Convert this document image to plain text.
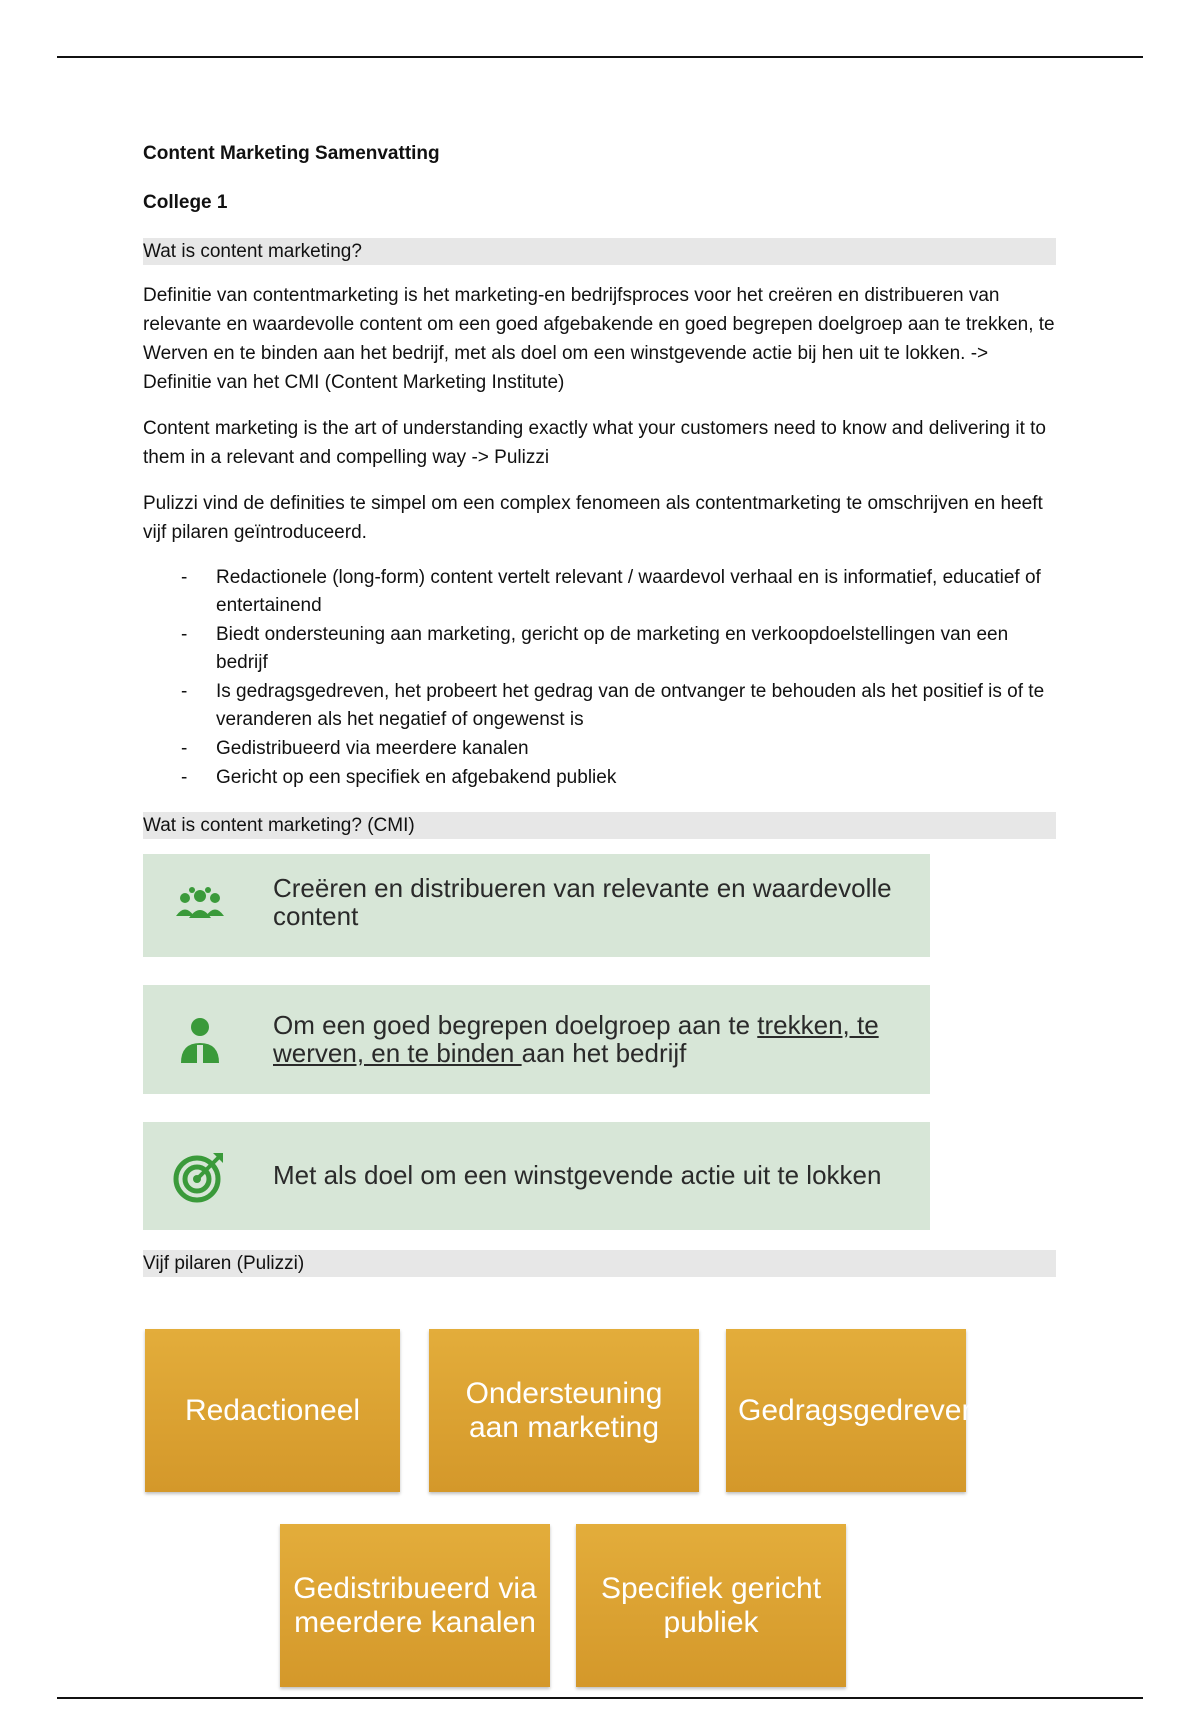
Content Marketing Samenvatting
College 1
Wat is content marketing?

Definitie van contentmarketing is het marketing-en bedrijfsproces voor het creëren en distribueren van relevante en waardevolle content om een goed afgebakende en goed begrepen doelgroep aan te trekken, te Werven en te binden aan het bedrijf, met als doel om een winstgevende actie bij hen uit te lokken. -> Definitie van het CMI (Content Marketing Institute)

Content marketing is the art of understanding exactly what your customers need to know and delivering it to them in a relevant and compelling way -> Pulizzi

Pulizzi vind de definities te simpel om een complex fenomeen als contentmarketing te omschrijven en heeft vijf pilaren geïntroduceerd.

- Redactionele (long-form) content vertelt relevant / waardevol verhaal en is informatief, educatief of entertainend
- Biedt ondersteuning aan marketing, gericht op de marketing en verkoopdoelstellingen van een bedrijf
- Is gedragsgedreven, het probeert het gedrag van de ontvanger te behouden als het positief is of te veranderen als het negatief of ongewenst is
- Gedistribueerd via meerdere kanalen
- Gericht op een specifiek en afgebakend publiek
Wat is content marketing? (CMI)
Creëren en distribueren van relevante en waardevolle content
Om een goed begrepen doelgroep aan te trekken, te werven, en te binden aan het bedrijf
Met als doel om een winstgevende actie uit te lokken
Vijf pilaren (Pulizzi)
Redactioneel
Ondersteuning aan marketing
Gedragsgedreven
Gedistribueerd via meerdere kanalen
Specifiek gericht publiek
